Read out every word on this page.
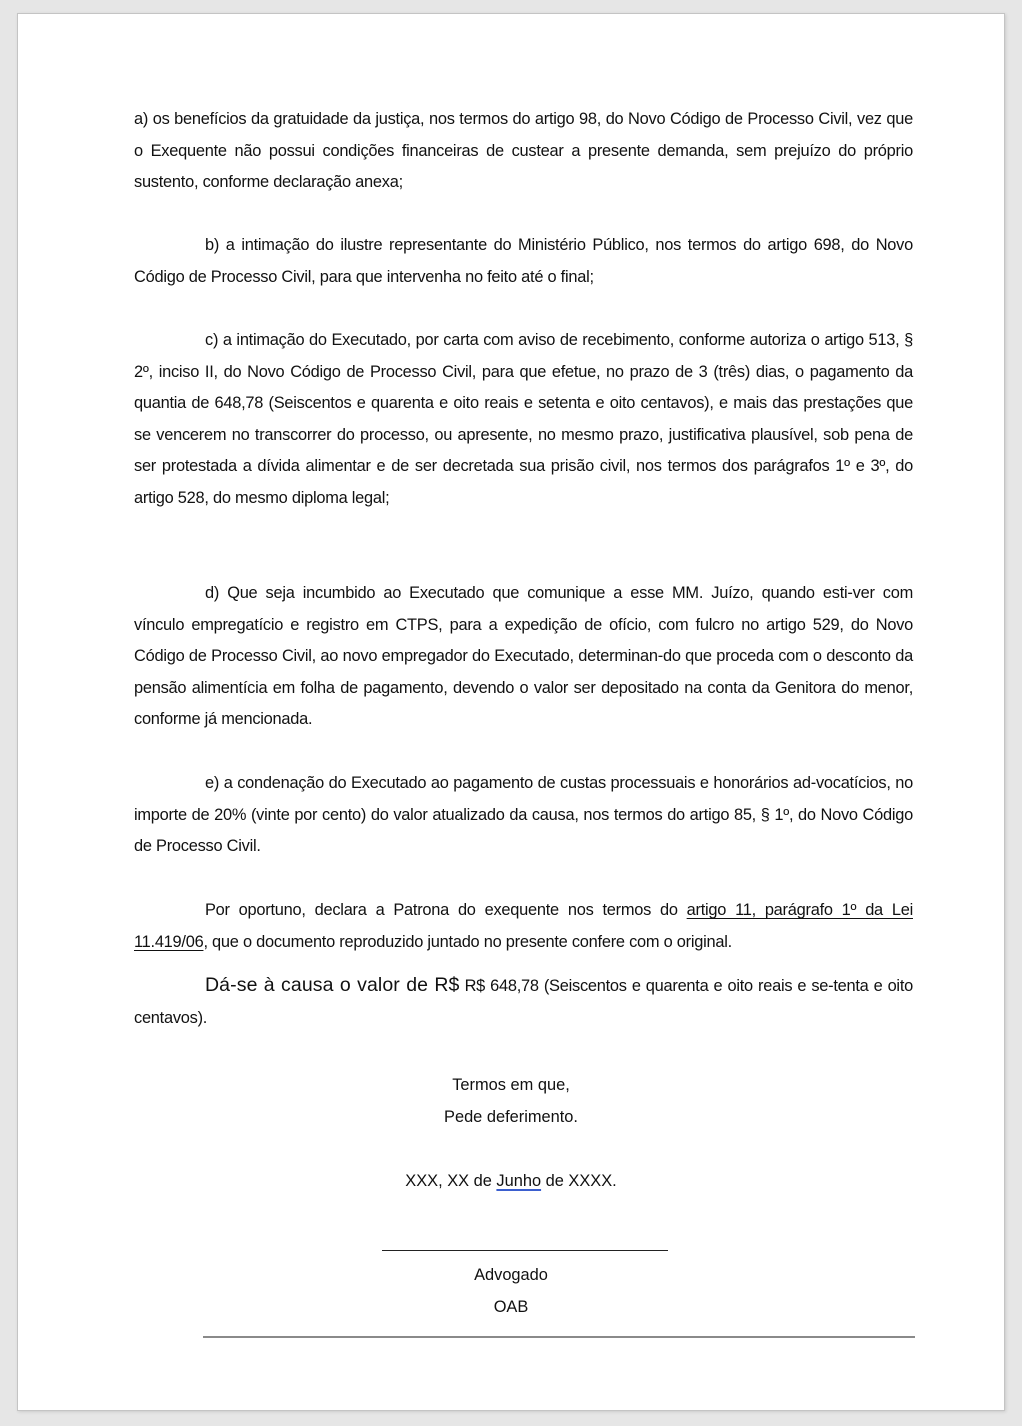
a) os benefícios da gratuidade da justiça, nos termos do artigo 98, do Novo Código de Processo Civil, vez que o Exequente não possui condições financeiras de custear a presente demanda, sem prejuízo do próprio sustento, conforme declaração anexa;
b) a intimação do ilustre representante do Ministério Público, nos termos do artigo 698, do Novo Código de Processo Civil, para que intervenha no feito até o final;
c) a intimação do Executado, por carta com aviso de recebimento, conforme autoriza o artigo 513, § 2º, inciso II, do Novo Código de Processo Civil, para que efetue, no prazo de 3 (três) dias, o pagamento da quantia de 648,78 (Seiscentos e quarenta e oito reais e setenta e oito centavos), e mais das prestações que se vencerem no transcorrer do processo, ou apresente, no mesmo prazo, justificativa plausível, sob pena de ser protestada a dívida alimentar e de ser decretada sua prisão civil, nos termos dos parágrafos 1º e 3º, do artigo 528, do mesmo diploma legal;
d) Que seja incumbido ao Executado que comunique a esse MM. Juízo, quando esti-ver com vínculo empregatício e registro em CTPS, para a expedição de ofício, com fulcro no artigo 529, do Novo Código de Processo Civil, ao novo empregador do Executado, determinan-do que proceda com o desconto da pensão alimentícia em folha de pagamento, devendo o valor ser depositado na conta da Genitora do menor, conforme já mencionada.
e) a condenação do Executado ao pagamento de custas processuais e honorários ad-vocatícios, no importe de 20% (vinte por cento) do valor atualizado da causa, nos termos do artigo 85, § 1º, do Novo Código de Processo Civil.
Por oportuno, declara a Patrona do exequente nos termos do artigo 11, parágrafo 1º da Lei 11.419/06, que o documento reproduzido juntado no presente confere com o original.
Dá-se à causa o valor de R$ R$ 648,78 (Seiscentos e quarenta e oito reais e se-tenta e oito centavos).
Termos em que,
Pede deferimento.
XXX, XX de Junho de XXXX.
Advogado
OAB
